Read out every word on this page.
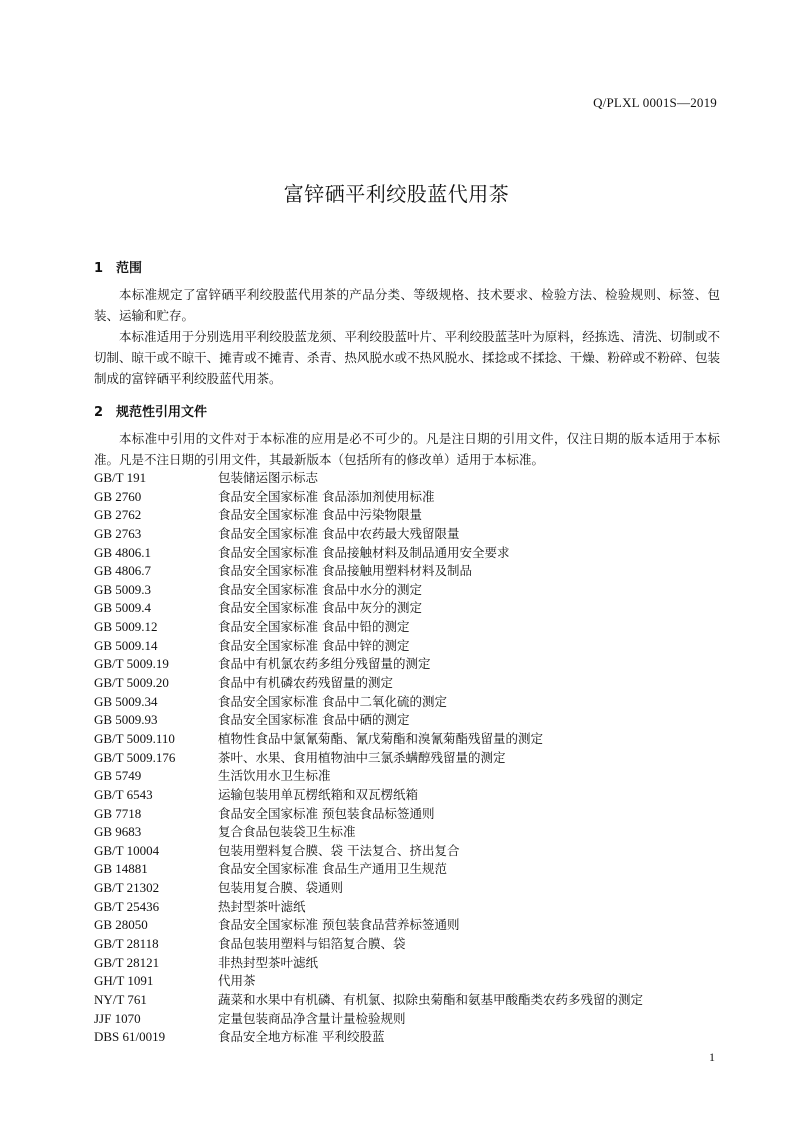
Q/PLXL 0001S—2019
富锌硒平利绞股蓝代用茶
1 范围

本标准规定了富锌硒平利绞股蓝代用茶的产品分类、等级规格、技术要求、检验方法、检验规则、标签、包装、运输和贮存。

本标准适用于分别选用平利绞股蓝龙须、平利绞股蓝叶片、平利绞股蓝茎叶为原料，经拣选、清洗、切制或不切制、晾干或不晾干、摊青或不摊青、杀青、热风脱水或不热风脱水、揉捻或不揉捻、干燥、粉碎或不粉碎、包装制成的富锌硒平利绞股蓝代用茶。

2 规范性引用文件

本标准中引用的文件对于本标准的应用是必不可少的。凡是注日期的引用文件，仅注日期的版本适用于本标准。凡是不注日期的引用文件，其最新版本（包括所有的修改单）适用于本标准。

GB/T 191	包装储运图示标志
GB 2760	食品安全国家标准 食品添加剂使用标准
GB 2762	食品安全国家标准 食品中污染物限量
GB 2763	食品安全国家标准 食品中农药最大残留限量
GB 4806.1	食品安全国家标准 食品接触材料及制品通用安全要求
GB 4806.7	食品安全国家标准 食品接触用塑料材料及制品
GB 5009.3	食品安全国家标准 食品中水分的测定
GB 5009.4	食品安全国家标准 食品中灰分的测定
GB 5009.12	食品安全国家标准 食品中铅的测定
GB 5009.14	食品安全国家标准 食品中锌的测定
GB/T 5009.19	食品中有机氯农药多组分残留量的测定
GB/T 5009.20	食品中有机磷农药残留量的测定
GB 5009.34	食品安全国家标准 食品中二氧化硫的测定
GB 5009.93	食品安全国家标准 食品中硒的测定
GB/T 5009.110	植物性食品中氯氰菊酯、氰戊菊酯和溴氰菊酯残留量的测定
GB/T 5009.176	茶叶、水果、食用植物油中三氯杀螨醇残留量的测定
GB 5749	生活饮用水卫生标准
GB/T 6543	运输包装用单瓦楞纸箱和双瓦楞纸箱
GB 7718	食品安全国家标准 预包装食品标签通则
GB 9683	复合食品包装袋卫生标准
GB/T 10004	包装用塑料复合膜、袋 干法复合、挤出复合
GB 14881	食品安全国家标准 食品生产通用卫生规范
GB/T 21302	包装用复合膜、袋通则
GB/T 25436	热封型茶叶滤纸
GB 28050	食品安全国家标准 预包装食品营养标签通则
GB/T 28118	食品包装用塑料与铝箔复合膜、袋
GB/T 28121	非热封型茶叶滤纸
GH/T 1091	代用茶
NY/T 761	蔬菜和水果中有机磷、有机氯、拟除虫菊酯和氨基甲酸酯类农药多残留的测定
JJF 1070	定量包装商品净含量计量检验规则
DBS 61/0019	食品安全地方标准 平利绞股蓝
1
